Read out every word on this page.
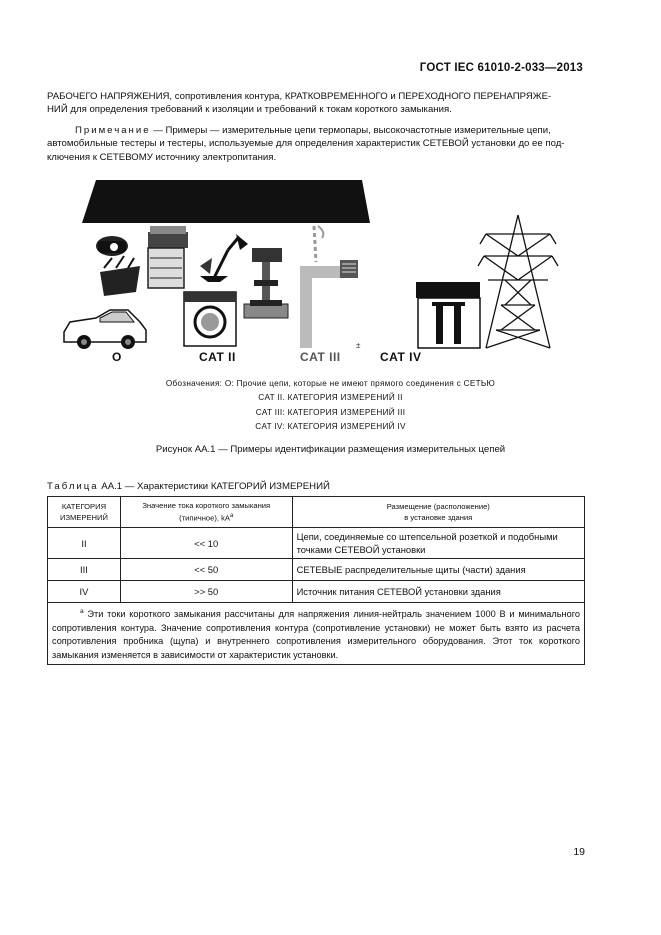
ГОСТ IEC 61010-2-033—2013
РАБОЧЕГО НАПРЯЖЕНИЯ, сопротивления контура, КРАТКОВРЕМЕННОГО и ПЕРЕХОДНОГО ПЕРЕНАПРЯЖЕ-
НИЙ для определения требований к изоляции и требований к токам короткого замыкания.
Примечание — Примеры — измерительные цепи термопары, высокочастотные измерительные цепи,
автомобильные тестеры и тестеры, используемые для определения характеристик СЕТЕВОЙ установки до ее под-
ключения к СЕТЕВОМУ источнику электропитания.
±
O	CAT II	CAT III	CAT IV
Обозначения: О: Прочие цепи, которые не имеют прямого соединения с СЕТЬЮ
CAT II. КАТЕГОРИЯ ИЗМЕРЕНИЙ II
CAT III: КАТЕГОРИЯ ИЗМЕРЕНИЙ III
CAT IV: КАТЕГОРИЯ ИЗМЕРЕНИЙ IV
Рисунок АА.1 — Примеры идентификации размещения измерительных цепей
Таблица АА.1 — Характеристики КАТЕГОРИЙ ИЗМЕРЕНИЙ
КАТЕГОРИЯ
ИЗМЕРЕНИЙ	Значение тока короткого замыкания
(типичное), $kA^a$	Размещение (расположение)
в установке здания
II	<< 10	Цепи, соединяемые со штепсельной розеткой и подобными точками СЕТЕВОЙ установки
III	<< 50	СЕТЕВЫЕ распределительные щиты (части) здания
IV	>> 50	Источник питания СЕТЕВОЙ установки здания
$^а$ Эти токи короткого замыкания рассчитаны для напряжения линия-нейтраль значением 1000 В и минимального сопротивления контура. Значение сопротивления контура (сопротивление установки) не может быть взято из расчета сопротивления пробника (щупа) и внутреннего сопротивления измерительного оборудования. Этот ток короткого замыкания изменяется в зависимости от характеристик установки.		
19
